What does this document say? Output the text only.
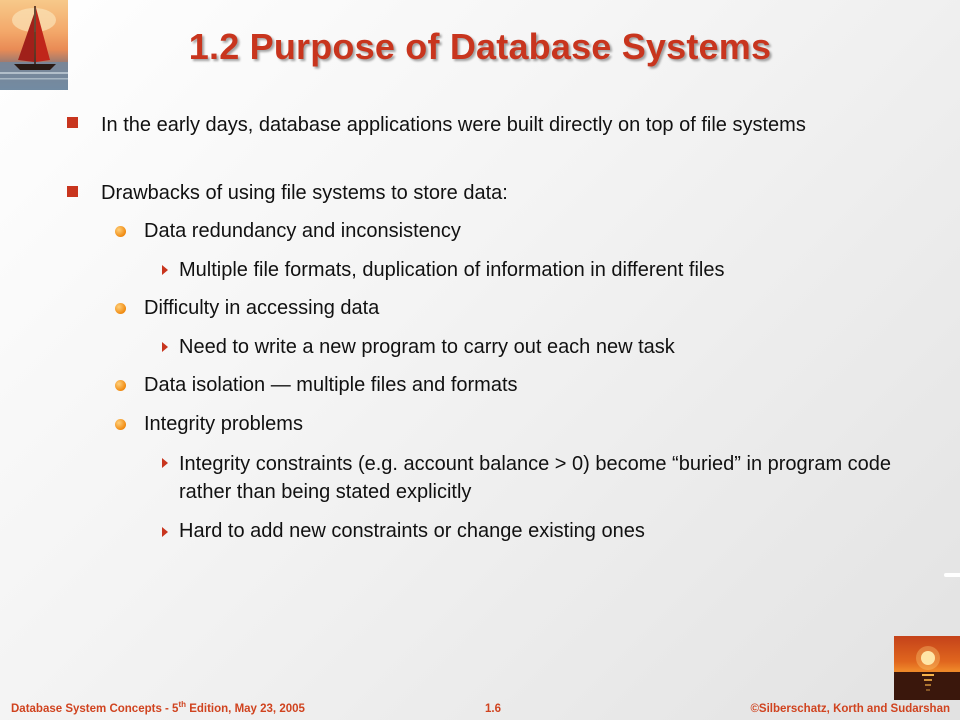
1.2 Purpose of Database Systems
In the early days, database applications were built directly on top of file systems
Drawbacks of using file systems to store data:
Data redundancy and inconsistency
Multiple file formats, duplication of information in different files
Difficulty in accessing data
Need to write a new program to carry out each new task
Data isolation — multiple files and formats
Integrity problems
Integrity constraints (e.g. account balance > 0) become “buried” in program code rather than being stated explicitly
Hard to add new constraints or change existing ones
Database System Concepts - 5th Edition, May 23, 2005	1.6	©Silberschatz, Korth and Sudarshan
